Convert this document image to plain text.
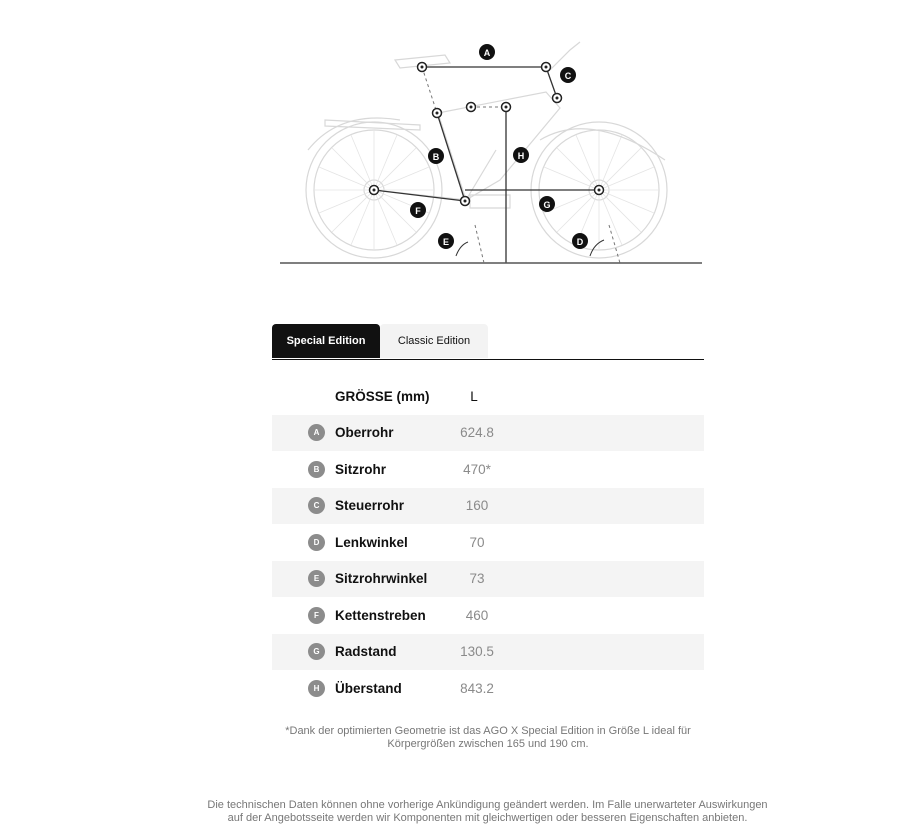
A
B
C
D
E
F
G
H
Special Edition	Classic Edition
GRÖSSE (mm)	L
A	Oberrohr	624.8
B	Sitzrohr	470*
C	Steuerrohr	160
D	Lenkwinkel	70
E	Sitzrohrwinkel	73
F	Kettenstreben	460
G	Radstand	130.5
H	Überstand	843.2
*Dank der optimierten Geometrie ist das AGO X Special Edition in Größe L ideal für
Körpergrößen zwischen 165 und 190 cm.
Die technischen Daten können ohne vorherige Ankündigung geändert werden. Im Falle unerwarteter Auswirkungen
auf der Angebotsseite werden wir Komponenten mit gleichwertigen oder besseren Eigenschaften anbieten.
